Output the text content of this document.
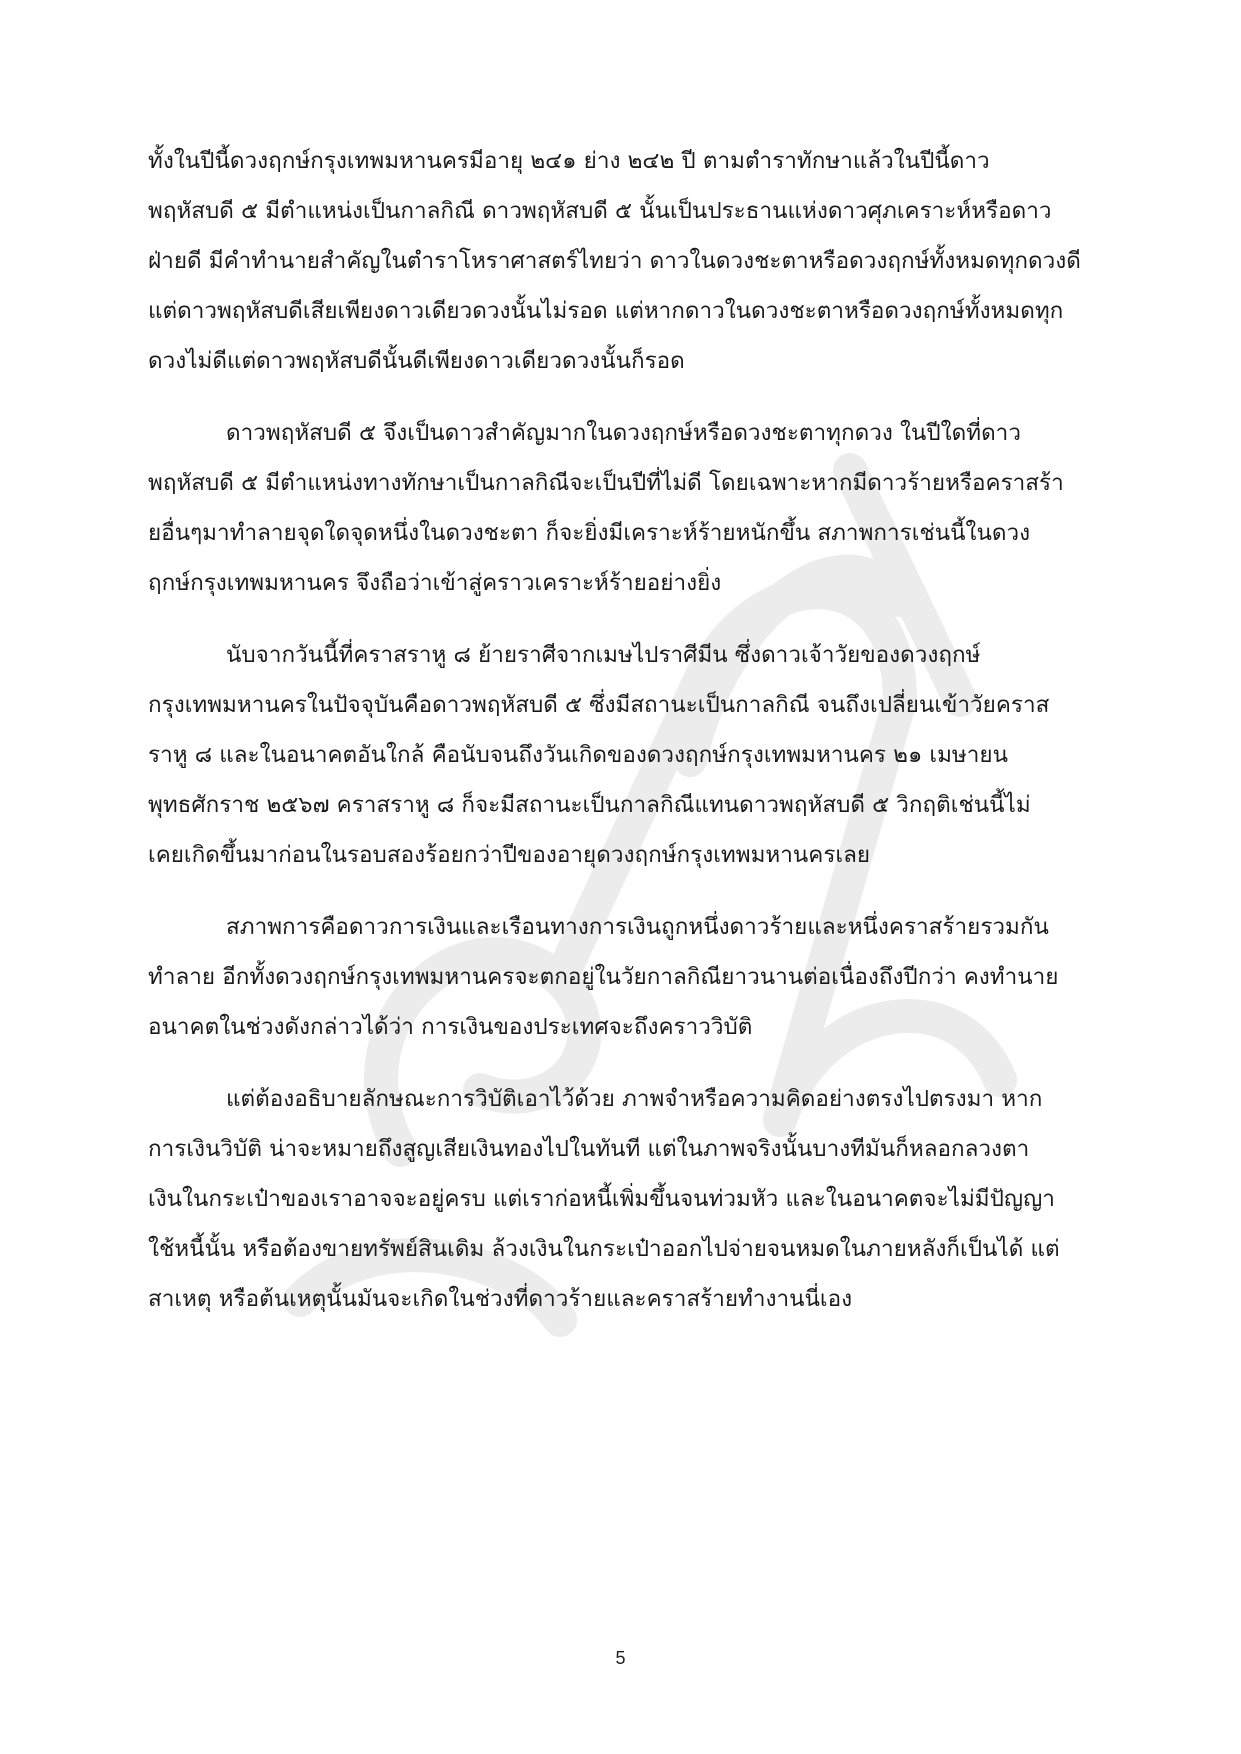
ทั้งในปีนี้ดวงฤกษ์กรุงเทพมหานครมีอายุ ๒๔๑ ย่าง ๒๔๒ ปี ตามตำราทักษาแล้วในปีนี้ดาว
พฤหัสบดี ๕ มีตำแหน่งเป็นกาลกิณี ดาวพฤหัสบดี ๕ นั้นเป็นประธานแห่งดาวศุภเคราะห์หรือดาว
ฝ่ายดี มีคำทำนายสำคัญในตำราโหราศาสตร์ไทยว่า ดาวในดวงชะตาหรือดวงฤกษ์ทั้งหมดทุกดวงดี
แต่ดาวพฤหัสบดีเสียเพียงดาวเดียวดวงนั้นไม่รอด แต่หากดาวในดวงชะตาหรือดวงฤกษ์ทั้งหมดทุก
ดวงไม่ดีแต่ดาวพฤหัสบดีนั้นดีเพียงดาวเดียวดวงนั้นก็รอด

ดาวพฤหัสบดี ๕ จึงเป็นดาวสำคัญมากในดวงฤกษ์หรือดวงชะตาทุกดวง ในปีใดที่ดาว
พฤหัสบดี ๕ มีตำแหน่งทางทักษาเป็นกาลกิณีจะเป็นปีที่ไม่ดี โดยเฉพาะหากมีดาวร้ายหรือคราสร้า
ยอื่นๆมาทำลายจุดใดจุดหนึ่งในดวงชะตา ก็จะยิ่งมีเคราะห์ร้ายหนักขึ้น สภาพการเช่นนี้ในดวง
ฤกษ์กรุงเทพมหานคร จึงถือว่าเข้าสู่คราวเคราะห์ร้ายอย่างยิ่ง

นับจากวันนี้ที่คราสราหู ๘ ย้ายราศีจากเมษไปราศีมีน ซึ่งดาวเจ้าวัยของดวงฤกษ์
กรุงเทพมหานครในปัจจุบันคือดาวพฤหัสบดี ๕ ซึ่งมีสถานะเป็นกาลกิณี จนถึงเปลี่ยนเข้าวัยคราส
ราหู ๘ และในอนาคตอันใกล้ คือนับจนถึงวันเกิดของดวงฤกษ์กรุงเทพมหานคร ๒๑ เมษายน
พุทธศักราช ๒๕๖๗ คราสราหู ๘ ก็จะมีสถานะเป็นกาลกิณีแทนดาวพฤหัสบดี ๕ วิกฤติเช่นนี้ไม่
เคยเกิดขึ้นมาก่อนในรอบสองร้อยกว่าปีของอายุดวงฤกษ์กรุงเทพมหานครเลย

สภาพการคือดาวการเงินและเรือนทางการเงินถูกหนึ่งดาวร้ายและหนึ่งคราสร้ายรวมกัน
ทำลาย อีกทั้งดวงฤกษ์กรุงเทพมหานครจะตกอยู่ในวัยกาลกิณียาวนานต่อเนื่องถึงปีกว่า คงทำนาย
อนาคตในช่วงดังกล่าวได้ว่า การเงินของประเทศจะถึงคราววิบัติ

แต่ต้องอธิบายลักษณะการวิบัติเอาไว้ด้วย ภาพจำหรือความคิดอย่างตรงไปตรงมา หาก
การเงินวิบัติ น่าจะหมายถึงสูญเสียเงินทองไปในทันที แต่ในภาพจริงนั้นบางทีมันก็หลอกลวงตา
เงินในกระเป๋าของเราอาจจะอยู่ครบ แต่เราก่อหนี้เพิ่มขึ้นจนท่วมหัว และในอนาคตจะไม่มีปัญญา
ใช้หนี้นั้น หรือต้องขายทรัพย์สินเดิม ล้วงเงินในกระเป๋าออกไปจ่ายจนหมดในภายหลังก็เป็นได้ แต่
สาเหตุ หรือต้นเหตุนั้นมันจะเกิดในช่วงที่ดาวร้ายและคราสร้ายทำงานนี่เอง

5
